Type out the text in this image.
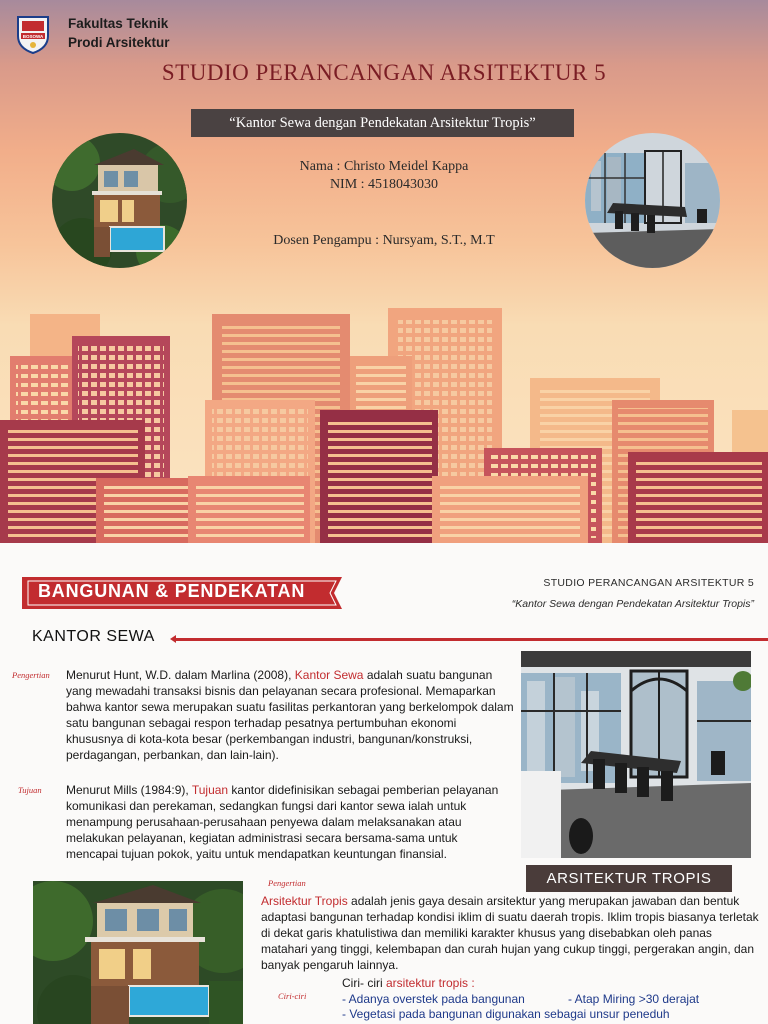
BOSOWA
Fakultas Teknik
Prodi Arsitektur
STUDIO PERANCANGAN ARSITEKTUR 5
“Kantor Sewa dengan Pendekatan Arsitektur Tropis”
Nama : Christo Meidel Kappa
NIM : 4518043030
Dosen Pengampu : Nursyam, S.T., M.T
BANGUNAN & PENDEKATAN	STUDIO PERANCANGAN ARSITEKTUR 5
“Kantor Sewa dengan Pendekatan Arsitektur Tropis”
KANTOR SEWA
Pengertian Menurut Hunt, W.D. dalam Marlina (2008), Kantor Sewa adalah suatu bangunan yang mewadahi transaksi bisnis dan pelayanan secara profesional. Memaparkan bahwa kantor sewa merupakan suatu fasilitas perkantoran yang berkelompok dalam satu bangunan sebagai respon terhadap pesatnya pertumbuhan ekonomi khususnya di kota-kota besar (perkembangan industri, bangunan/konstruksi, perdagangan, perbankan, dan lain-lain).
Tujuan Menurut Mills (1984:9), Tujuan kantor didefinisikan sebagai pemberian pelayanan komunikasi dan perekaman, sedangkan fungsi dari kantor sewa ialah untuk menampung perusahaan-perusahaan penyewa dalam melaksanakan atau melakukan pelayanan, kegiatan administrasi secara bersama-sama untuk mencapai tujuan pokok, yaitu untuk mendapatkan keuntungan finansial.
ARSITEKTUR TROPIS
Pengertian
Arsitektur Tropis adalah jenis gaya desain arsitektur yang merupakan jawaban dan bentuk adaptasi bangunan terhadap kondisi iklim di suatu daerah tropis. Iklim tropis biasanya terletak di dekat garis khatulistiwa dan memiliki karakter khusus yang disebabkan oleh panas matahari yang tinggi, kelembapan dan curah hujan yang cukup tinggi, pergerakan angin, dan banyak pengaruh lainnya.
Ciri-ciri
Ciri- ciri arsitektur tropis :
- Adanya overstek pada bangunan	- Atap Miring >30 derajat
- Vegetasi pada bangunan digunakan sebagai unsur peneduh
